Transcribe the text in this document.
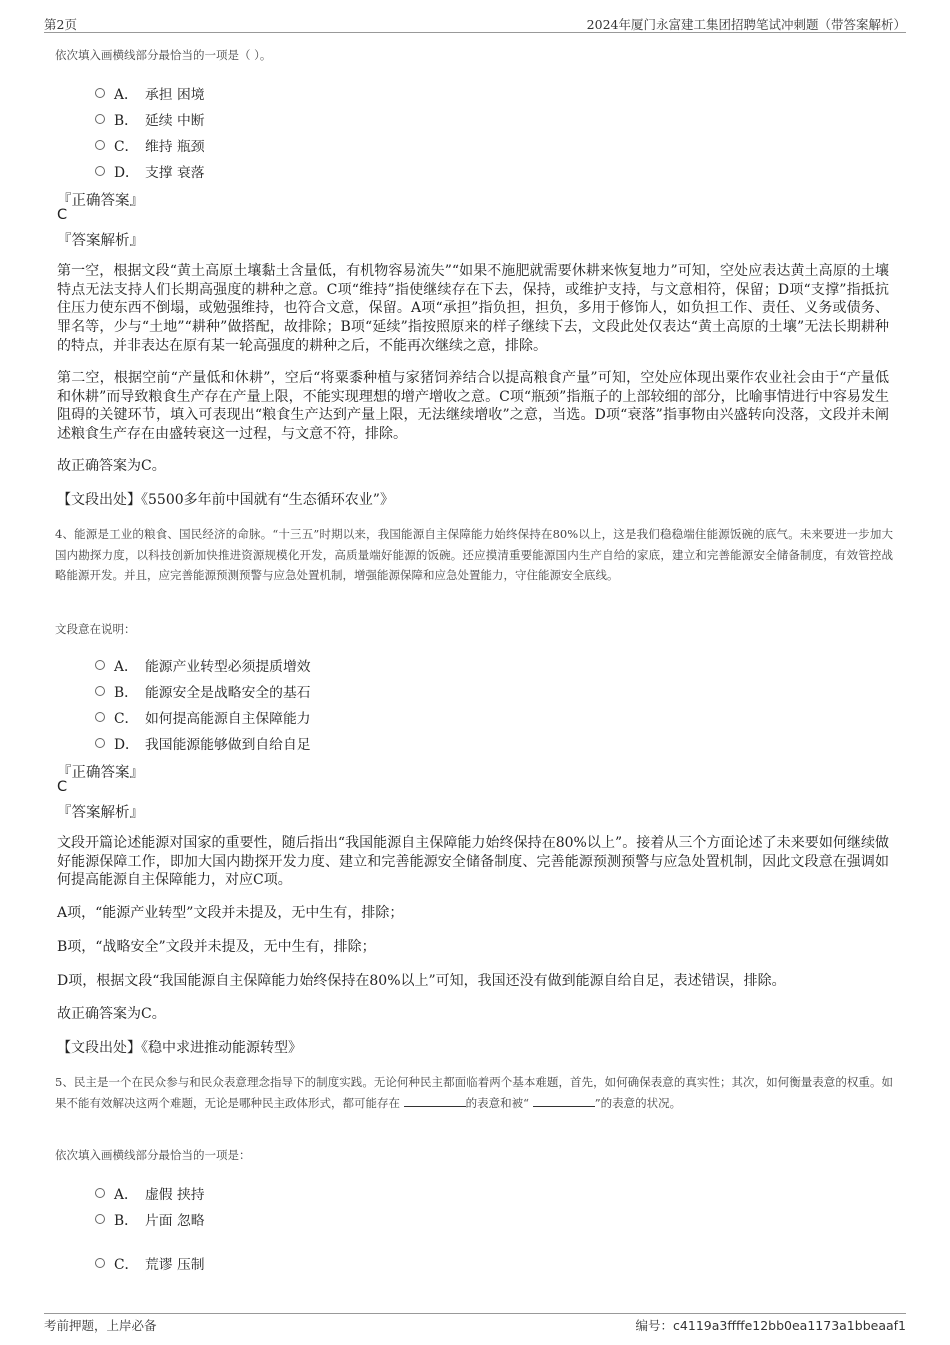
第2页	2024年厦门永富建工集团招聘笔试冲刺题（带答案解析）
依次填入画横线部分最恰当的一项是（ ）。
A． 承担 困境
B． 延续 中断
C． 维持 瓶颈
D． 支撑 衰落
『正确答案』
C
『答案解析』
第一空，根据文段“黄土高原土壤黏土含量低，有机物容易流失”“如果不施肥就需要休耕来恢复地力”可知，空处应表达黄土高原的土壤特点无法支持人们长期高强度的耕种之意。C项“维持”指使继续存在下去，保持，或维护支持，与文意相符，保留；D项“支撑”指抵抗住压力使东西不倒塌，或勉强维持，也符合文意，保留。A项“承担”指负担，担负，多用于修饰人，如负担工作、责任、义务或债务、罪名等，少与“土地”“耕种”做搭配，故排除；B项“延续”指按照原来的样子继续下去，文段此处仅表达“黄土高原的土壤”无法长期耕种的特点，并非表达在原有某一轮高强度的耕种之后，不能再次继续之意，排除。
第二空，根据空前“产量低和休耕”，空后“将粟黍种植与家猪饲养结合以提高粮食产量”可知，空处应体现出粟作农业社会由于“产量低和休耕”而导致粮食生产存在产量上限，不能实现理想的增产增收之意。C项“瓶颈”指瓶子的上部较细的部分，比喻事情进行中容易发生阻碍的关键环节，填入可表现出“粮食生产达到产量上限，无法继续增收”之意，当选。D项“衰落”指事物由兴盛转向没落，文段并未阐述粮食生产存在由盛转衰这一过程，与文意不符，排除。
故正确答案为C。
【文段出处】《5500多年前中国就有“生态循环农业”》
4、能源是工业的粮食、国民经济的命脉。“十三五”时期以来，我国能源自主保障能力始终保持在80%以上，这是我们稳稳端住能源饭碗的底气。未来要进一步加大国内勘探力度，以科技创新加快推进资源规模化开发，高质量端好能源的饭碗。还应摸清重要能源国内生产自给的家底，建立和完善能源安全储备制度，有效管控战略能源开发。并且，应完善能源预测预警与应急处置机制，增强能源保障和应急处置能力，守住能源安全底线。
文段意在说明：
A． 能源产业转型必须提质增效
B． 能源安全是战略安全的基石
C． 如何提高能源自主保障能力
D． 我国能源能够做到自给自足
『正确答案』
C
『答案解析』
文段开篇论述能源对国家的重要性，随后指出“我国能源自主保障能力始终保持在80%以上”。接着从三个方面论述了未来要如何继续做好能源保障工作，即加大国内勘探开发力度、建立和完善能源安全储备制度、完善能源预测预警与应急处置机制，因此文段意在强调如何提高能源自主保障能力，对应C项。
A项，“能源产业转型”文段并未提及，无中生有，排除；
B项，“战略安全”文段并未提及，无中生有，排除；
D项，根据文段“我国能源自主保障能力始终保持在80%以上”可知，我国还没有做到能源自给自足，表述错误，排除。
故正确答案为C。
【文段出处】《稳中求进推动能源转型》
5、民主是一个在民众参与和民众表意理念指导下的制度实践。无论何种民主都面临着两个基本难题，首先，如何确保表意的真实性；其次，如何衡量表意的权重。如果不能有效解决这两个难题，无论是哪种民主政体形式，都可能存在	的表意和被“	”的表意的状况。
依次填入画横线部分最恰当的一项是：
A． 虚假 挟持
B． 片面 忽略
C． 荒谬 压制
考前押题，上岸必备	编号：c4119a3ffffe12bb0ea1173a1bbeaaf1
